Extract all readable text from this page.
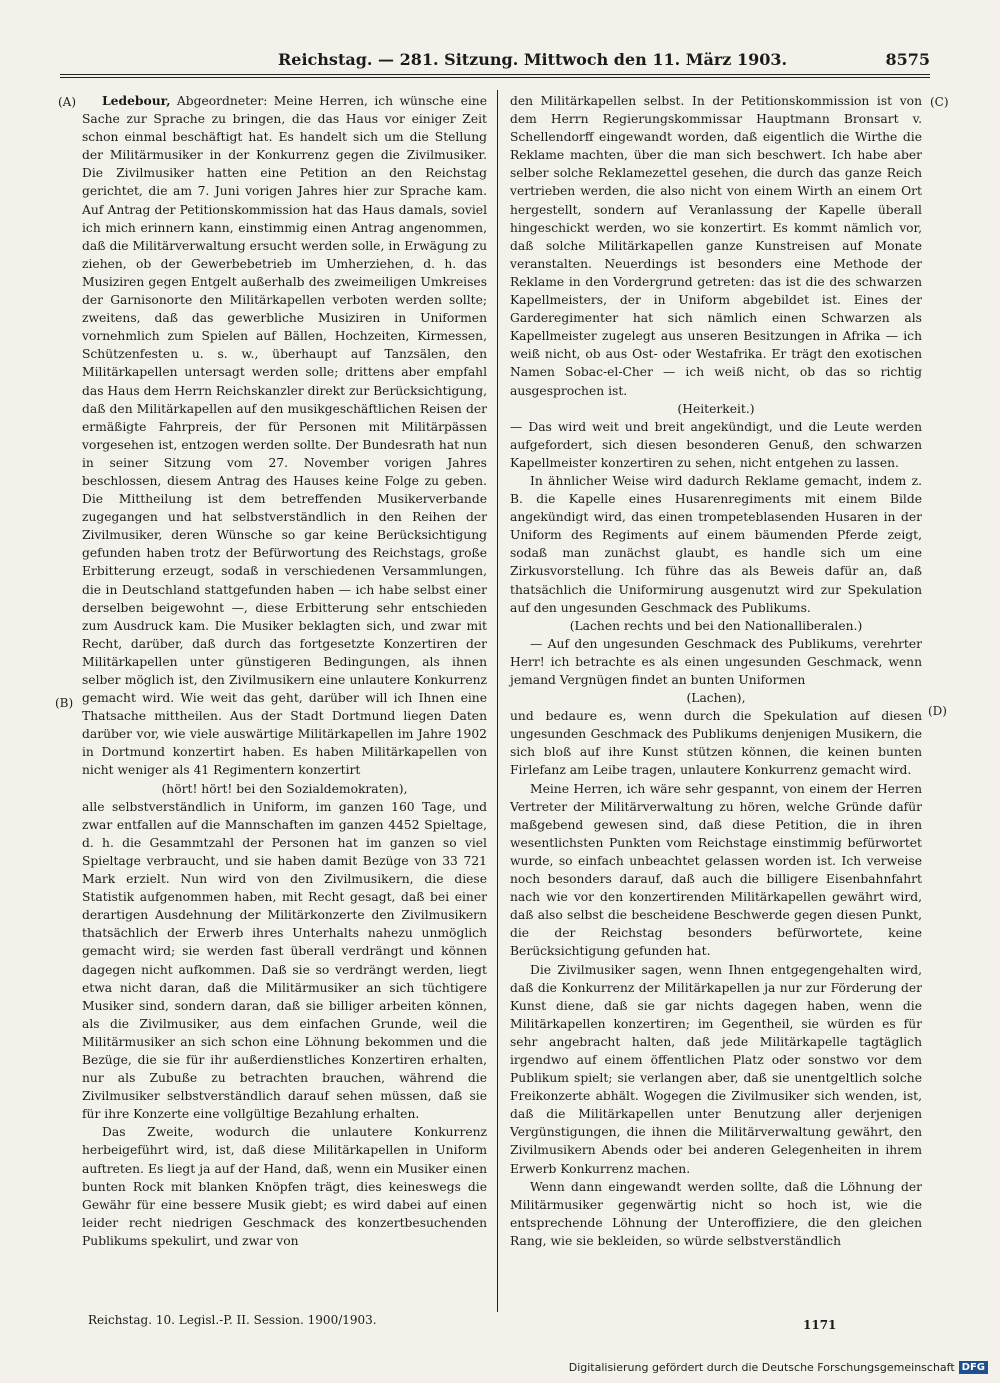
Reichstag. — 281. Sitzung. Mittwoch den 11. März 1903.	8575
(A)
(B)
(C)
(D)

Ledebour, Abgeordneter: Meine Herren, ich wünsche eine Sache zur Sprache zu bringen, die das Haus vor einiger Zeit schon einmal beschäftigt hat. Es handelt sich um die Stellung der Militärmusiker in der Konkurrenz gegen die Zivilmusiker. Die Zivilmusiker hatten eine Petition an den Reichstag gerichtet, die am 7. Juni vorigen Jahres hier zur Sprache kam. Auf Antrag der Petitionskommission hat das Haus damals, soviel ich mich erinnern kann, einstimmig einen Antrag angenommen, daß die Militärverwaltung ersucht werden solle, in Erwägung zu ziehen, ob der Gewerbebetrieb im Umherziehen, d. h. das Musiziren gegen Entgelt außerhalb des zweimeiligen Umkreises der Garnisonorte den Militärkapellen verboten werden sollte; zweitens, daß das gewerbliche Musiziren in Uniformen vornehmlich zum Spielen auf Bällen, Hochzeiten, Kirmessen, Schützenfesten u. s. w., überhaupt auf Tanzsälen, den Militärkapellen untersagt werden solle; drittens aber empfahl das Haus dem Herrn Reichskanzler direkt zur Berücksichtigung, daß den Militärkapellen auf den musikgeschäftlichen Reisen der ermäßigte Fahrpreis, der für Personen mit Militärpässen vorgesehen ist, entzogen werden sollte. Der Bundesrath hat nun in seiner Sitzung vom 27. November vorigen Jahres beschlossen, diesem Antrag des Hauses keine Folge zu geben. Die Mittheilung ist dem betreffenden Musikerverbande zugegangen und hat selbstverständlich in den Reihen der Zivilmusiker, deren Wünsche so gar keine Berücksichtigung gefunden haben trotz der Befürwortung des Reichstags, große Erbitterung erzeugt, sodaß in verschiedenen Versammlungen, die in Deutschland stattgefunden haben — ich habe selbst einer derselben beigewohnt —, diese Erbitterung sehr entschieden zum Ausdruck kam. Die Musiker beklagten sich, und zwar mit Recht, darüber, daß durch das fortgesetzte Konzertiren der Militärkapellen unter günstigeren Bedingungen, als ihnen selber möglich ist, den Zivilmusikern eine unlautere Konkurrenz gemacht wird. Wie weit das geht, darüber will ich Ihnen eine Thatsache mittheilen. Aus der Stadt Dortmund liegen Daten darüber vor, wie viele auswärtige Militärkapellen im Jahre 1902 in Dortmund konzertirt haben. Es haben Militärkapellen von nicht weniger als 41 Regimentern konzertirt

(hört! hört! bei den Sozialdemokraten),

alle selbstverständlich in Uniform, im ganzen 160 Tage, und zwar entfallen auf die Mannschaften im ganzen 4452 Spieltage, d. h. die Gesammtzahl der Personen hat im ganzen so viel Spieltage verbraucht, und sie haben damit Bezüge von 33 721 Mark erzielt. Nun wird von den Zivilmusikern, die diese Statistik aufgenommen haben, mit Recht gesagt, daß bei einer derartigen Ausdehnung der Militärkonzerte den Zivilmusikern thatsächlich der Erwerb ihres Unterhalts nahezu unmöglich gemacht wird; sie werden fast überall verdrängt und können dagegen nicht aufkommen. Daß sie so verdrängt werden, liegt etwa nicht daran, daß die Militärmusiker an sich tüchtigere Musiker sind, sondern daran, daß sie billiger arbeiten können, als die Zivilmusiker, aus dem einfachen Grunde, weil die Militärmusiker an sich schon eine Löhnung bekommen und die Bezüge, die sie für ihr außerdienstliches Konzertiren erhalten, nur als Zubuße zu betrachten brauchen, während die Zivilmusiker selbstverständlich darauf sehen müssen, daß sie für ihre Konzerte eine vollgültige Bezahlung erhalten.

Das Zweite, wodurch die unlautere Konkurrenz herbeigeführt wird, ist, daß diese Militärkapellen in Uniform auftreten. Es liegt ja auf der Hand, daß, wenn ein Musiker einen bunten Rock mit blanken Knöpfen trägt, dies keineswegs die Gewähr für eine bessere Musik giebt; es wird dabei auf einen leider recht niedrigen Geschmack des konzertbesuchenden Publikums spekulirt, und zwar von

den Militärkapellen selbst. In der Petitionskommission ist von dem Herrn Regierungskommissar Hauptmann Bronsart v. Schellendorff eingewandt worden, daß eigentlich die Wirthe die Reklame machten, über die man sich beschwert. Ich habe aber selber solche Reklamezettel gesehen, die durch das ganze Reich vertrieben werden, die also nicht von einem Wirth an einem Ort hergestellt, sondern auf Veranlassung der Kapelle überall hingeschickt werden, wo sie konzertirt. Es kommt nämlich vor, daß solche Militärkapellen ganze Kunstreisen auf Monate veranstalten. Neuerdings ist besonders eine Methode der Reklame in den Vordergrund getreten: das ist die des schwarzen Kapellmeisters, der in Uniform abgebildet ist. Eines der Garderegimenter hat sich nämlich einen Schwarzen als Kapellmeister zugelegt aus unseren Besitzungen in Afrika — ich weiß nicht, ob aus Ost- oder Westafrika. Er trägt den exotischen Namen Sobac-el-Cher — ich weiß nicht, ob das so richtig ausgesprochen ist.

(Heiterkeit.)

— Das wird weit und breit angekündigt, und die Leute werden aufgefordert, sich diesen besonderen Genuß, den schwarzen Kapellmeister konzertiren zu sehen, nicht entgehen zu lassen.

In ähnlicher Weise wird dadurch Reklame gemacht, indem z. B. die Kapelle eines Husarenregiments mit einem Bilde angekündigt wird, das einen trompeteblasenden Husaren in der Uniform des Regiments auf einem bäumenden Pferde zeigt, sodaß man zunächst glaubt, es handle sich um eine Zirkusvorstellung. Ich führe das als Beweis dafür an, daß thatsächlich die Uniformirung ausgenutzt wird zur Spekulation auf den ungesunden Geschmack des Publikums.

(Lachen rechts und bei den Nationalliberalen.)

— Auf den ungesunden Geschmack des Publikums, verehrter Herr! ich betrachte es als einen ungesunden Geschmack, wenn jemand Vergnügen findet an bunten Uniformen

(Lachen),

und bedaure es, wenn durch die Spekulation auf diesen ungesunden Geschmack des Publikums denjenigen Musikern, die sich bloß auf ihre Kunst stützen können, die keinen bunten Firlefanz am Leibe tragen, unlautere Konkurrenz gemacht wird.

Meine Herren, ich wäre sehr gespannt, von einem der Herren Vertreter der Militärverwaltung zu hören, welche Gründe dafür maßgebend gewesen sind, daß diese Petition, die in ihren wesentlichsten Punkten vom Reichstage einstimmig befürwortet wurde, so einfach unbeachtet gelassen worden ist. Ich verweise noch besonders darauf, daß auch die billigere Eisenbahnfahrt nach wie vor den konzertirenden Militärkapellen gewährt wird, daß also selbst die bescheidene Beschwerde gegen diesen Punkt, die der Reichstag besonders befürwortete, keine Berücksichtigung gefunden hat.

Die Zivilmusiker sagen, wenn Ihnen entgegengehalten wird, daß die Konkurrenz der Militärkapellen ja nur zur Förderung der Kunst diene, daß sie gar nichts dagegen haben, wenn die Militärkapellen konzertiren; im Gegentheil, sie würden es für sehr angebracht halten, daß jede Militärkapelle tagtäglich irgendwo auf einem öffentlichen Platz oder sonstwo vor dem Publikum spielt; sie verlangen aber, daß sie unentgeltlich solche Freikonzerte abhält. Wogegen die Zivilmusiker sich wenden, ist, daß die Militärkapellen unter Benutzung aller derjenigen Vergünstigungen, die ihnen die Militärverwaltung gewährt, den Zivilmusikern Abends oder bei anderen Gelegenheiten in ihrem Erwerb Konkurrenz machen.

Wenn dann eingewandt werden sollte, daß die Löhnung der Militärmusiker gegenwärtig nicht so hoch ist, wie die entsprechende Löhnung der Unteroffiziere, die den gleichen Rang, wie sie bekleiden, so würde selbstverständlich

Reichstag. 10. Legisl.-P. II. Session. 1900/1903.	1171
Digitalisierung gefördert durch die Deutsche Forschungsgemeinschaft DFG
